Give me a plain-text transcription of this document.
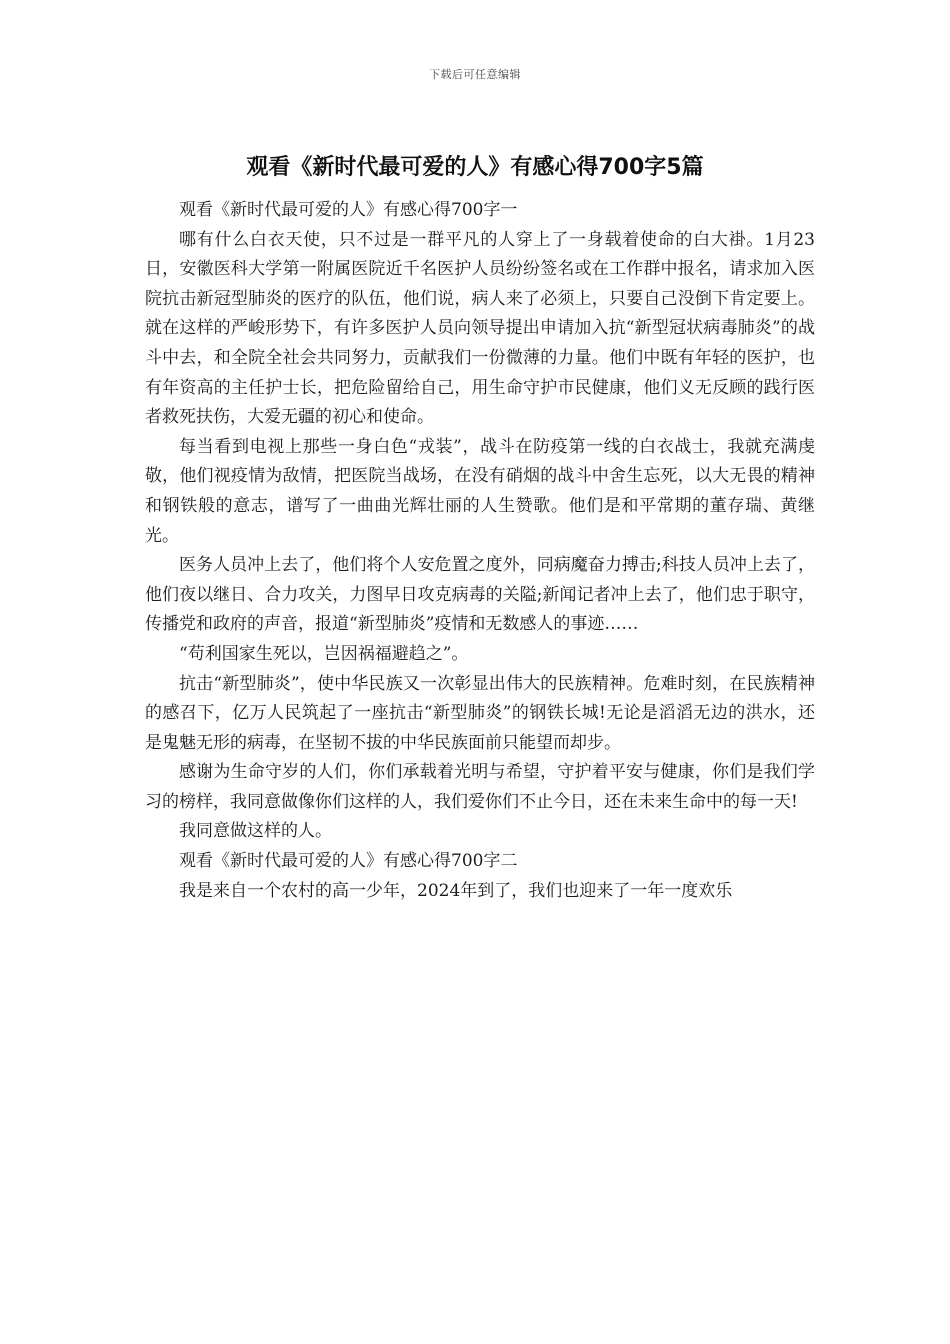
下载后可任意编辑
观看《新时代最可爱的人》有感心得700字5篇

观看《新时代最可爱的人》有感心得700字一

哪有什么白衣天使，只不过是一群平凡的人穿上了一身载着使命的白大褂。1月23日，安徽医科大学第一附属医院近千名医护人员纷纷签名或在工作群中报名，请求加入医院抗击新冠型肺炎的医疗的队伍，他们说，病人来了必须上，只要自己没倒下肯定要上。就在这样的严峻形势下，有许多医护人员向领导提出申请加入抗“新型冠状病毒肺炎”的战斗中去，和全院全社会共同努力，贡献我们一份微薄的力量。他们中既有年轻的医护，也有年资高的主任护士长，把危险留给自己，用生命守护市民健康，他们义无反顾的践行医者救死扶伤，大爱无疆的初心和使命。

每当看到电视上那些一身白色“戎装”，战斗在防疫第一线的白衣战士，我就充满虔敬，他们视疫情为敌情，把医院当战场，在没有硝烟的战斗中舍生忘死，以大无畏的精神和钢铁般的意志，谱写了一曲曲光辉壮丽的人生赞歌。他们是和平常期的董存瑞、黄继光。

医务人员冲上去了，他们将个人安危置之度外，同病魔奋力搏击;科技人员冲上去了，他们夜以继日、合力攻关，力图早日攻克病毒的关隘;新闻记者冲上去了，他们忠于职守，传播党和政府的声音，报道“新型肺炎”疫情和无数感人的事迹……

“苟利国家生死以，岂因祸福避趋之”。

抗击“新型肺炎”，使中华民族又一次彰显出伟大的民族精神。危难时刻，在民族精神的感召下，亿万人民筑起了一座抗击“新型肺炎”的钢铁长城!无论是滔滔无边的洪水，还是鬼魅无形的病毒，在坚韧不拔的中华民族面前只能望而却步。

感谢为生命守岁的人们，你们承载着光明与希望，守护着平安与健康，你们是我们学习的榜样，我同意做像你们这样的人，我们爱你们不止今日，还在未来生命中的每一天!

我同意做这样的人。

观看《新时代最可爱的人》有感心得700字二

我是来自一个农村的高一少年，2024年到了，我们也迎来了一年一度欢乐
